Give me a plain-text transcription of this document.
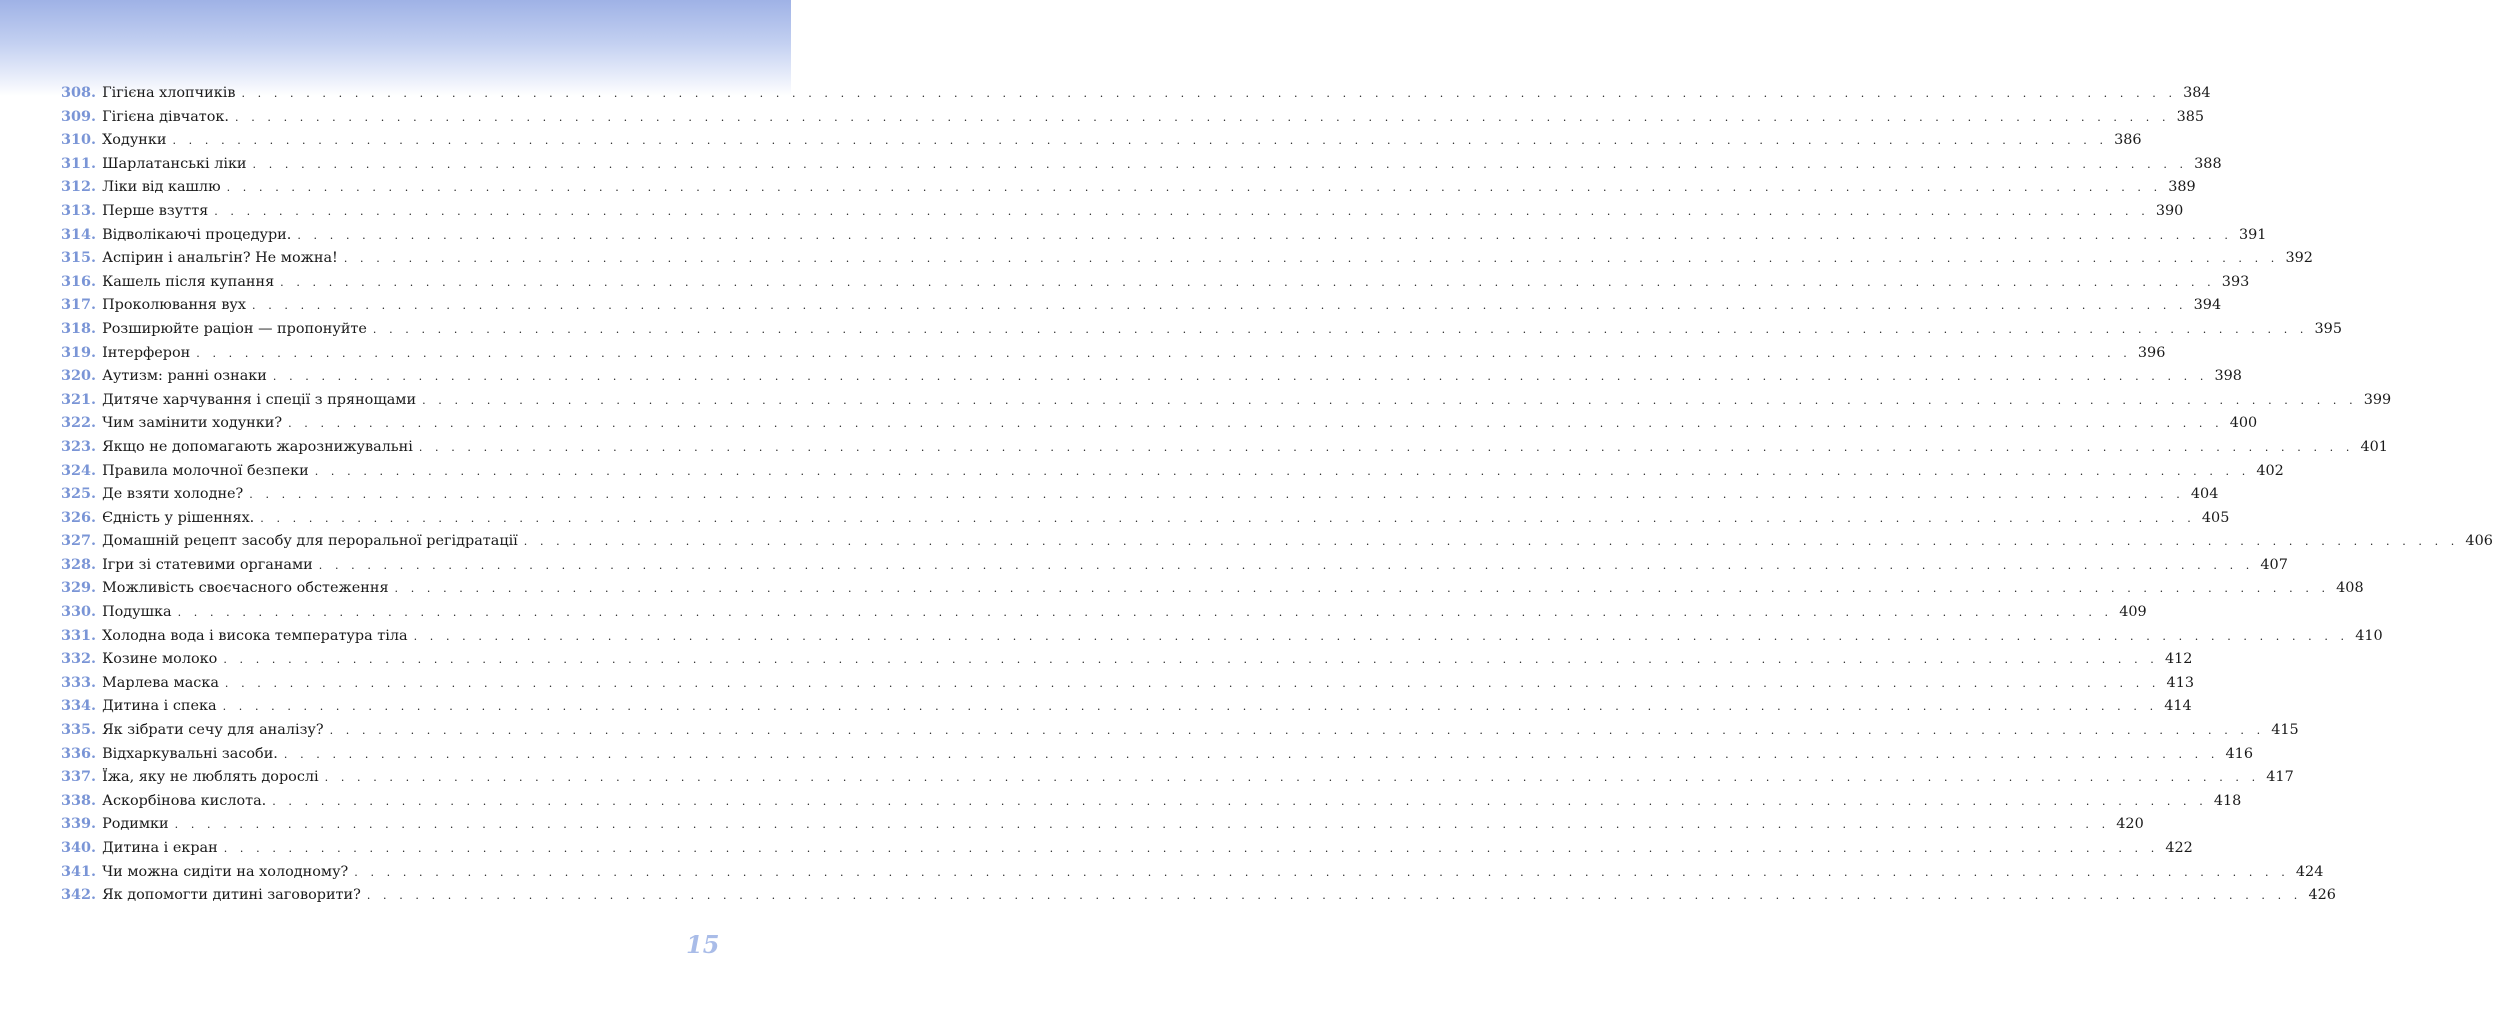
308. Гігієна хлопчиків . . . . . . . . . . . . . . . . . . . . . . . . . . . . . . . . . . . . . . . . . . . . . . . . . . . . . . . . . . . . . . . . . . . . . . . . . . . . . . . . . . . . . . . . . . . . . . . . . . . . . . . . . . . . . . . . . . . . . . . . 384
309. Гігієна дівчаток. . . . . . . . . . . . . . . . . . . . . . . . . . . . . . . . . . . . . . . . . . . . . . . . . . . . . . . . . . . . . . . . . . . . . . . . . . . . . . . . . . . . . . . . . . . . . . . . . . . . . . . . . . . . . . . . . . . . . . . . . 385
310. Ходунки . . . . . . . . . . . . . . . . . . . . . . . . . . . . . . . . . . . . . . . . . . . . . . . . . . . . . . . . . . . . . . . . . . . . . . . . . . . . . . . . . . . . . . . . . . . . . . . . . . . . . . . . . . . . . . . . . . . . . . . . 386
311. Шарлатанські ліки . . . . . . . . . . . . . . . . . . . . . . . . . . . . . . . . . . . . . . . . . . . . . . . . . . . . . . . . . . . . . . . . . . . . . . . . . . . . . . . . . . . . . . . . . . . . . . . . . . . . . . . . . . . . . . . . . . . . . . . . 388
312. Ліки від кашлю . . . . . . . . . . . . . . . . . . . . . . . . . . . . . . . . . . . . . . . . . . . . . . . . . . . . . . . . . . . . . . . . . . . . . . . . . . . . . . . . . . . . . . . . . . . . . . . . . . . . . . . . . . . . . . . . . . . . . . . . 389
313. Перше взуття . . . . . . . . . . . . . . . . . . . . . . . . . . . . . . . . . . . . . . . . . . . . . . . . . . . . . . . . . . . . . . . . . . . . . . . . . . . . . . . . . . . . . . . . . . . . . . . . . . . . . . . . . . . . . . . . . . . . . . . . 390
314. Відволікаючі процедури. . . . . . . . . . . . . . . . . . . . . . . . . . . . . . . . . . . . . . . . . . . . . . . . . . . . . . . . . . . . . . . . . . . . . . . . . . . . . . . . . . . . . . . . . . . . . . . . . . . . . . . . . . . . . . . . . . . . . . . . . 391
315. Аспірин і анальгін? Не можна! . . . . . . . . . . . . . . . . . . . . . . . . . . . . . . . . . . . . . . . . . . . . . . . . . . . . . . . . . . . . . . . . . . . . . . . . . . . . . . . . . . . . . . . . . . . . . . . . . . . . . . . . . . . . . . . . . . . . . . . . 392
316. Кашель після купання . . . . . . . . . . . . . . . . . . . . . . . . . . . . . . . . . . . . . . . . . . . . . . . . . . . . . . . . . . . . . . . . . . . . . . . . . . . . . . . . . . . . . . . . . . . . . . . . . . . . . . . . . . . . . . . . . . . . . . . . 393
317. Проколювання вух . . . . . . . . . . . . . . . . . . . . . . . . . . . . . . . . . . . . . . . . . . . . . . . . . . . . . . . . . . . . . . . . . . . . . . . . . . . . . . . . . . . . . . . . . . . . . . . . . . . . . . . . . . . . . . . . . . . . . . . . 394
318. Розширюйте раціон — пропонуйте . . . . . . . . . . . . . . . . . . . . . . . . . . . . . . . . . . . . . . . . . . . . . . . . . . . . . . . . . . . . . . . . . . . . . . . . . . . . . . . . . . . . . . . . . . . . . . . . . . . . . . . . . . . . . . . . . . . . . . . . 395
319. Інтерферон . . . . . . . . . . . . . . . . . . . . . . . . . . . . . . . . . . . . . . . . . . . . . . . . . . . . . . . . . . . . . . . . . . . . . . . . . . . . . . . . . . . . . . . . . . . . . . . . . . . . . . . . . . . . . . . . . . . . . . . . 396
320. Аутизм: ранні ознаки . . . . . . . . . . . . . . . . . . . . . . . . . . . . . . . . . . . . . . . . . . . . . . . . . . . . . . . . . . . . . . . . . . . . . . . . . . . . . . . . . . . . . . . . . . . . . . . . . . . . . . . . . . . . . . . . . . . . . . . . 398
321. Дитяче харчування і спеції з прянощами . . . . . . . . . . . . . . . . . . . . . . . . . . . . . . . . . . . . . . . . . . . . . . . . . . . . . . . . . . . . . . . . . . . . . . . . . . . . . . . . . . . . . . . . . . . . . . . . . . . . . . . . . . . . . . . . . . . . . . . . 399
322. Чим замінити ходунки? . . . . . . . . . . . . . . . . . . . . . . . . . . . . . . . . . . . . . . . . . . . . . . . . . . . . . . . . . . . . . . . . . . . . . . . . . . . . . . . . . . . . . . . . . . . . . . . . . . . . . . . . . . . . . . . . . . . . . . . . 400
323. Якщо не допомагають жарознижувальні . . . . . . . . . . . . . . . . . . . . . . . . . . . . . . . . . . . . . . . . . . . . . . . . . . . . . . . . . . . . . . . . . . . . . . . . . . . . . . . . . . . . . . . . . . . . . . . . . . . . . . . . . . . . . . . . . . . . . . . . 401
324. Правила молочної безпеки . . . . . . . . . . . . . . . . . . . . . . . . . . . . . . . . . . . . . . . . . . . . . . . . . . . . . . . . . . . . . . . . . . . . . . . . . . . . . . . . . . . . . . . . . . . . . . . . . . . . . . . . . . . . . . . . . . . . . . . . 402
325. Де взяти холодне? . . . . . . . . . . . . . . . . . . . . . . . . . . . . . . . . . . . . . . . . . . . . . . . . . . . . . . . . . . . . . . . . . . . . . . . . . . . . . . . . . . . . . . . . . . . . . . . . . . . . . . . . . . . . . . . . . . . . . . . . 404
326. Єдність у рішеннях. . . . . . . . . . . . . . . . . . . . . . . . . . . . . . . . . . . . . . . . . . . . . . . . . . . . . . . . . . . . . . . . . . . . . . . . . . . . . . . . . . . . . . . . . . . . . . . . . . . . . . . . . . . . . . . . . . . . . . . . . 405
327. Домашній рецепт засобу для пероральної регідратації . . . . . . . . . . . . . . . . . . . . . . . . . . . . . . . . . . . . . . . . . . . . . . . . . . . . . . . . . . . . . . . . . . . . . . . . . . . . . . . . . . . . . . . . . . . . . . . . . . . . . . . . . . . . . . . . . . . . . . . . 406
328. Ігри зі статевими органами . . . . . . . . . . . . . . . . . . . . . . . . . . . . . . . . . . . . . . . . . . . . . . . . . . . . . . . . . . . . . . . . . . . . . . . . . . . . . . . . . . . . . . . . . . . . . . . . . . . . . . . . . . . . . . . . . . . . . . . . 407
329. Можливість своєчасного обстеження . . . . . . . . . . . . . . . . . . . . . . . . . . . . . . . . . . . . . . . . . . . . . . . . . . . . . . . . . . . . . . . . . . . . . . . . . . . . . . . . . . . . . . . . . . . . . . . . . . . . . . . . . . . . . . . . . . . . . . . . 408
330. Подушка . . . . . . . . . . . . . . . . . . . . . . . . . . . . . . . . . . . . . . . . . . . . . . . . . . . . . . . . . . . . . . . . . . . . . . . . . . . . . . . . . . . . . . . . . . . . . . . . . . . . . . . . . . . . . . . . . . . . . . . . 409
331. Холодна вода і висока температура тіла . . . . . . . . . . . . . . . . . . . . . . . . . . . . . . . . . . . . . . . . . . . . . . . . . . . . . . . . . . . . . . . . . . . . . . . . . . . . . . . . . . . . . . . . . . . . . . . . . . . . . . . . . . . . . . . . . . . . . . . . 410
332. Козине молоко . . . . . . . . . . . . . . . . . . . . . . . . . . . . . . . . . . . . . . . . . . . . . . . . . . . . . . . . . . . . . . . . . . . . . . . . . . . . . . . . . . . . . . . . . . . . . . . . . . . . . . . . . . . . . . . . . . . . . . . . 412
333. Марлева маска . . . . . . . . . . . . . . . . . . . . . . . . . . . . . . . . . . . . . . . . . . . . . . . . . . . . . . . . . . . . . . . . . . . . . . . . . . . . . . . . . . . . . . . . . . . . . . . . . . . . . . . . . . . . . . . . . . . . . . . . 413
334. Дитина і спека . . . . . . . . . . . . . . . . . . . . . . . . . . . . . . . . . . . . . . . . . . . . . . . . . . . . . . . . . . . . . . . . . . . . . . . . . . . . . . . . . . . . . . . . . . . . . . . . . . . . . . . . . . . . . . . . . . . . . . . . 414
335. Як зібрати сечу для аналізу? . . . . . . . . . . . . . . . . . . . . . . . . . . . . . . . . . . . . . . . . . . . . . . . . . . . . . . . . . . . . . . . . . . . . . . . . . . . . . . . . . . . . . . . . . . . . . . . . . . . . . . . . . . . . . . . . . . . . . . . . 415
336. Відхаркувальні засоби. . . . . . . . . . . . . . . . . . . . . . . . . . . . . . . . . . . . . . . . . . . . . . . . . . . . . . . . . . . . . . . . . . . . . . . . . . . . . . . . . . . . . . . . . . . . . . . . . . . . . . . . . . . . . . . . . . . . . . . . . 416
337. Їжа, яку не люблять дорослі . . . . . . . . . . . . . . . . . . . . . . . . . . . . . . . . . . . . . . . . . . . . . . . . . . . . . . . . . . . . . . . . . . . . . . . . . . . . . . . . . . . . . . . . . . . . . . . . . . . . . . . . . . . . . . . . . . . . . . . . 417
338. Аскорбінова кислота. . . . . . . . . . . . . . . . . . . . . . . . . . . . . . . . . . . . . . . . . . . . . . . . . . . . . . . . . . . . . . . . . . . . . . . . . . . . . . . . . . . . . . . . . . . . . . . . . . . . . . . . . . . . . . . . . . . . . . . . . 418
339. Родимки . . . . . . . . . . . . . . . . . . . . . . . . . . . . . . . . . . . . . . . . . . . . . . . . . . . . . . . . . . . . . . . . . . . . . . . . . . . . . . . . . . . . . . . . . . . . . . . . . . . . . . . . . . . . . . . . . . . . . . . . 420
340. Дитина і екран . . . . . . . . . . . . . . . . . . . . . . . . . . . . . . . . . . . . . . . . . . . . . . . . . . . . . . . . . . . . . . . . . . . . . . . . . . . . . . . . . . . . . . . . . . . . . . . . . . . . . . . . . . . . . . . . . . . . . . . . 422
341. Чи можна сидіти на холодному? . . . . . . . . . . . . . . . . . . . . . . . . . . . . . . . . . . . . . . . . . . . . . . . . . . . . . . . . . . . . . . . . . . . . . . . . . . . . . . . . . . . . . . . . . . . . . . . . . . . . . . . . . . . . . . . . . . . . . . . . 424
342. Як допомогти дитині заговорити? . . . . . . . . . . . . . . . . . . . . . . . . . . . . . . . . . . . . . . . . . . . . . . . . . . . . . . . . . . . . . . . . . . . . . . . . . . . . . . . . . . . . . . . . . . . . . . . . . . . . . . . . . . . . . . . . . . . . . . . . 426
15
